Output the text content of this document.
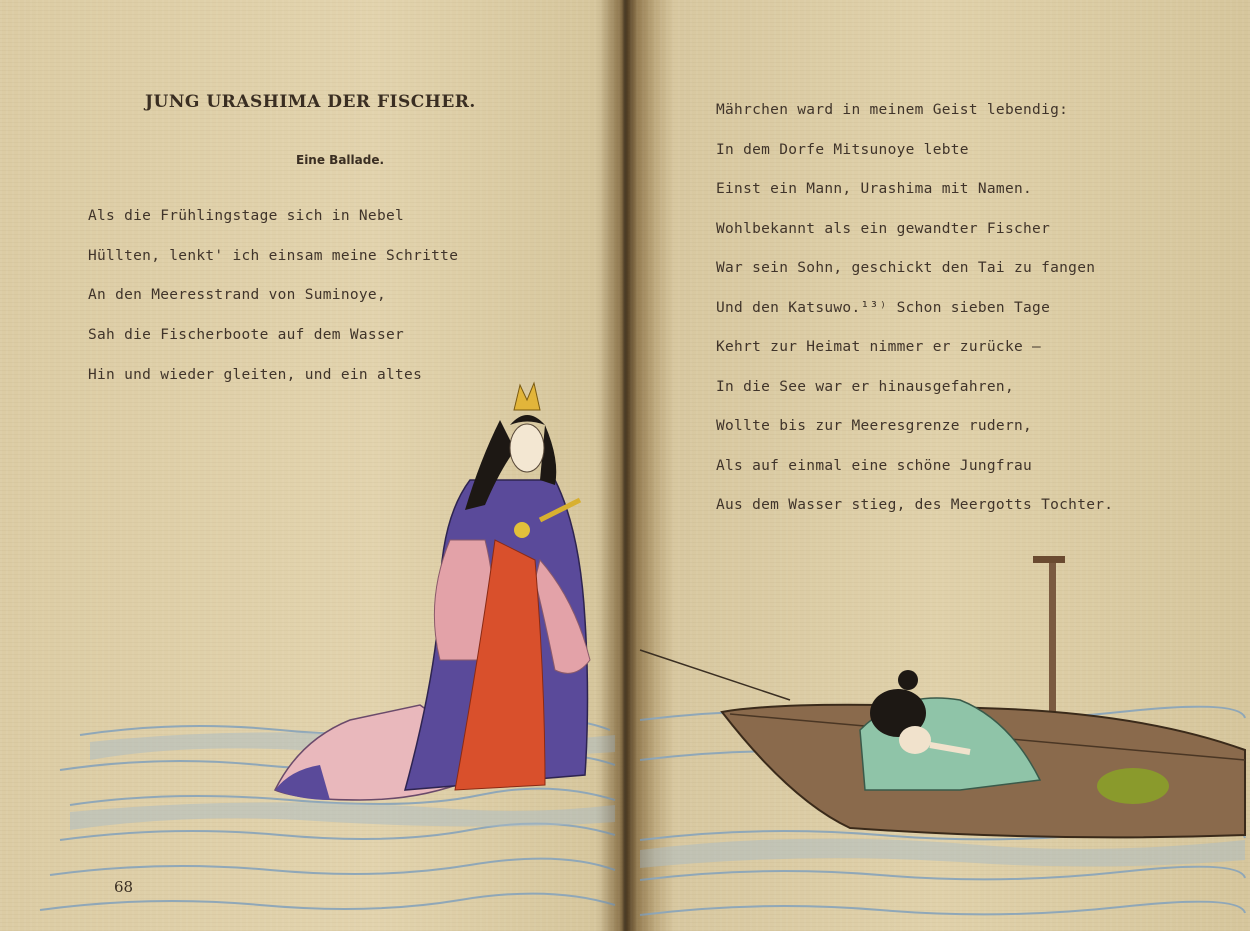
JUNG URASHIMA DER FISCHER.
Eine Ballade.
Als die Frühlingstage sich in Nebel
Hüllten, lenkt' ich einsam meine Schritte
An den Meeresstrand von Suminoye,
Sah die Fischerboote auf dem Wasser
Hin und wieder gleiten, und ein altes
68
Mährchen ward in meinem Geist lebendig:
In dem Dorfe Mitsunoye lebte
Einst ein Mann, Urashima mit Namen.
Wohlbekannt als ein gewandter Fischer
War sein Sohn, geschickt den Tai zu fangen
Und den Katsuwo.¹³⁾ Schon sieben Tage
Kehrt zur Heimat nimmer er zurücke —
In die See war er hinausgefahren,
Wollte bis zur Meeresgrenze rudern,
Als auf einmal eine schöne Jungfrau
Aus dem Wasser stieg, des Meergotts Tochter.
